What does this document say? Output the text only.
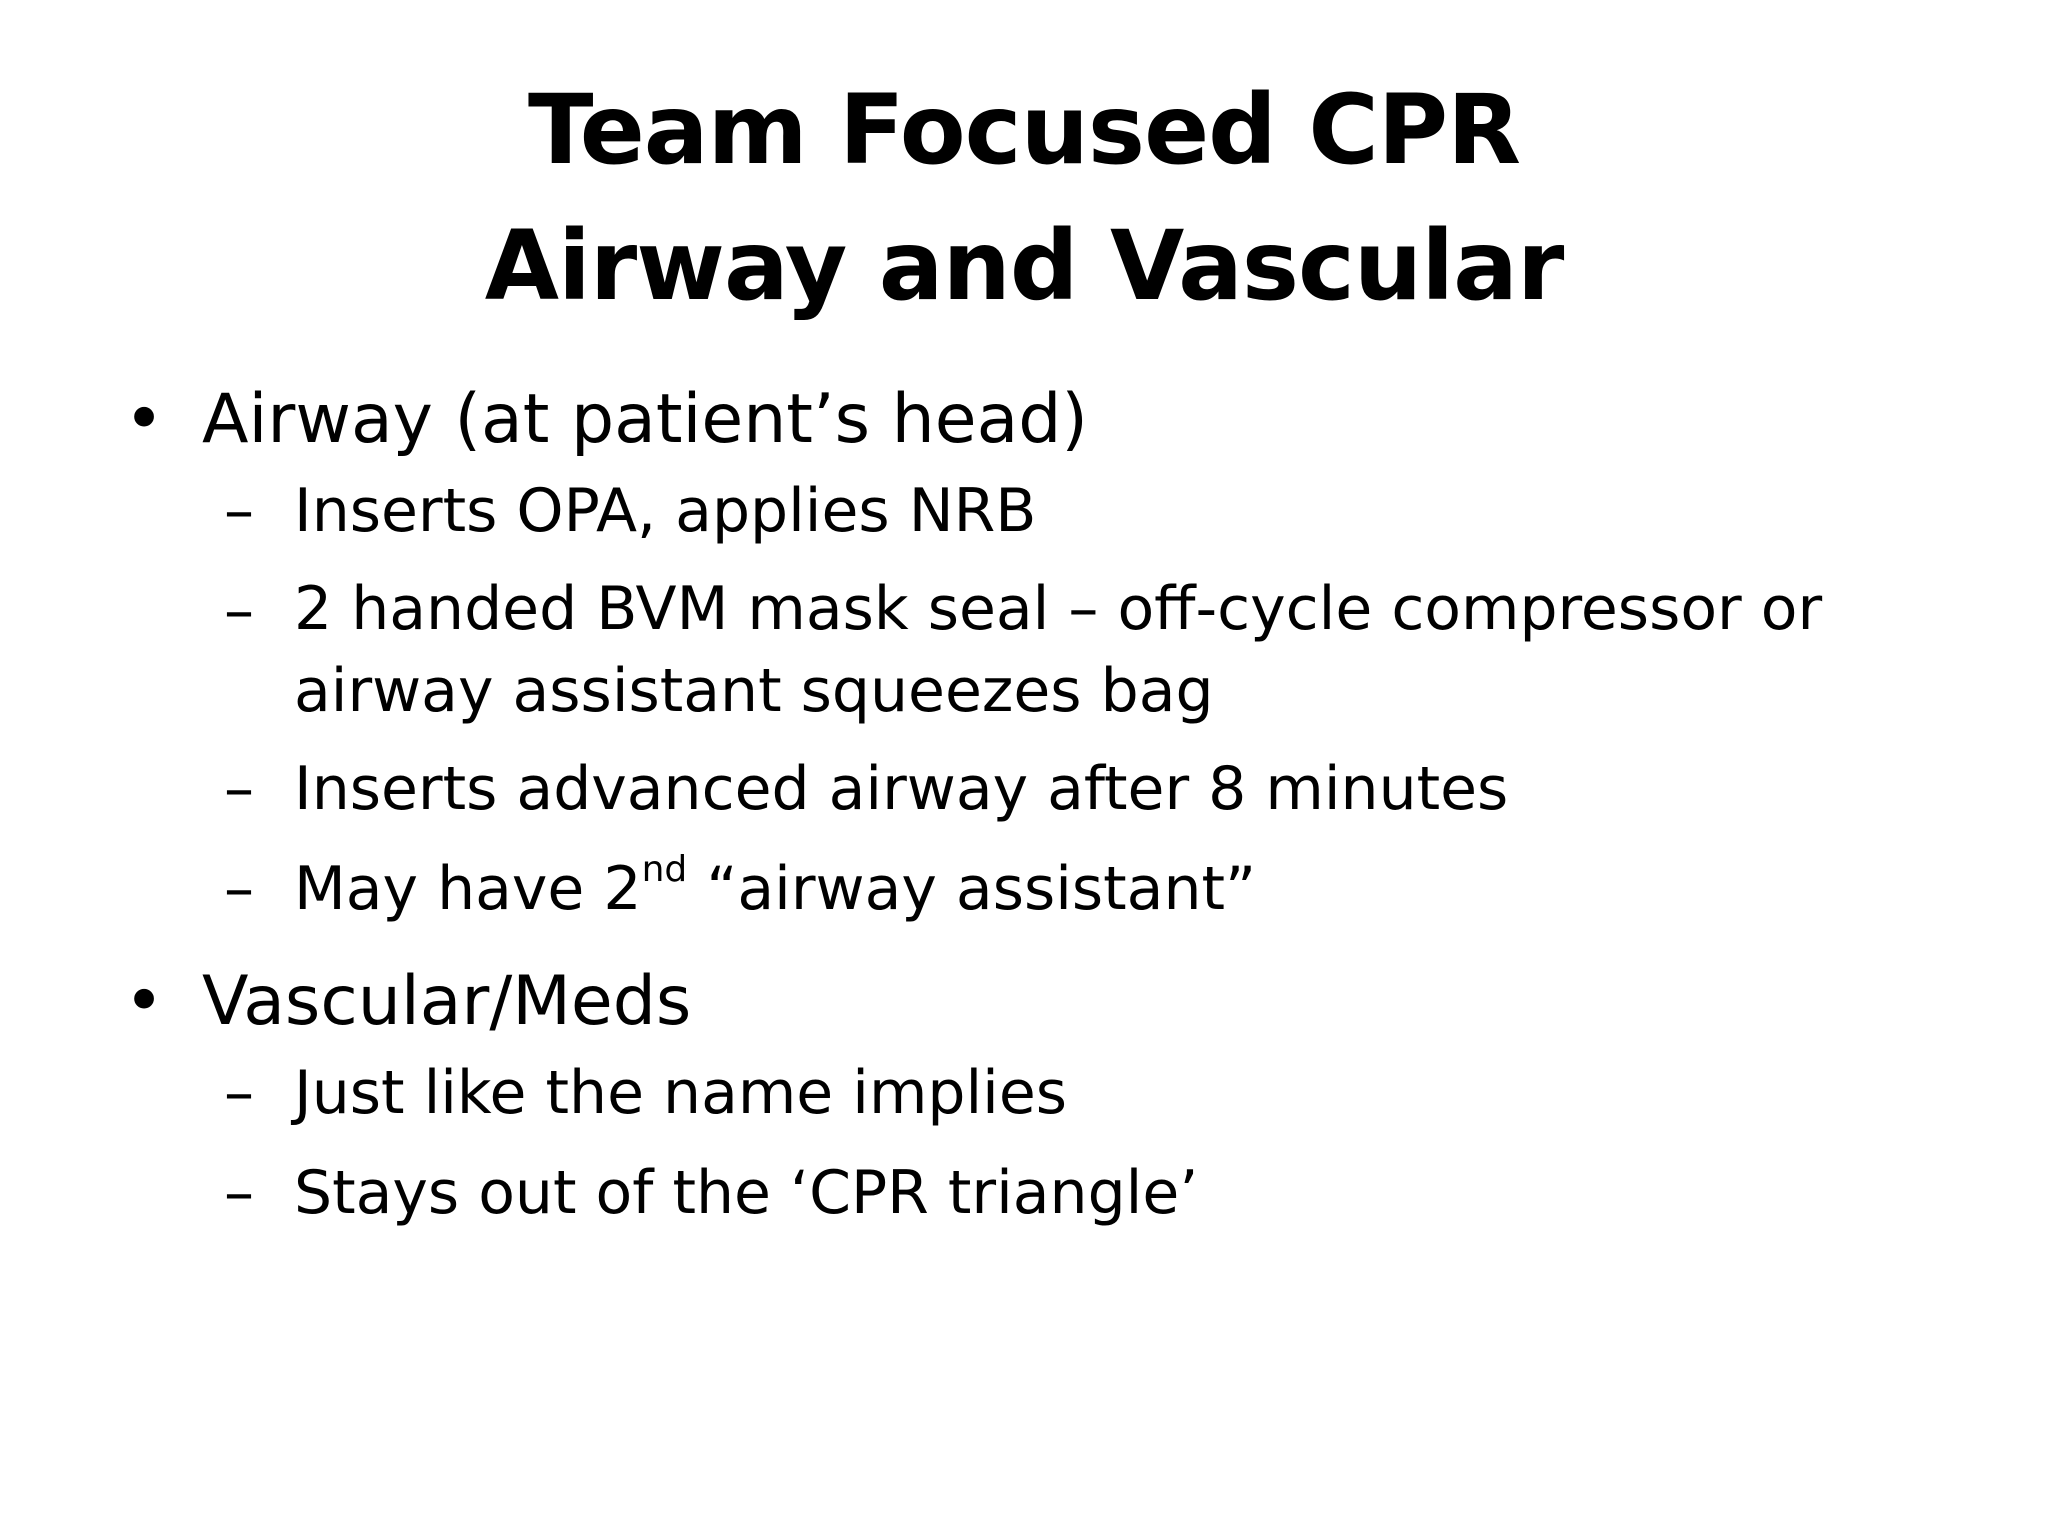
Team Focused CPR
Airway and Vascular
• Airway (at patient’s head)
– Inserts OPA, applies NRB
– 2 handed BVM mask seal – off-cycle compressor or airway assistant squeezes bag
– Inserts advanced airway after 8 minutes
– May have 2nd “airway assistant”
• Vascular/Meds
– Just like the name implies
– Stays out of the ‘CPR triangle’
